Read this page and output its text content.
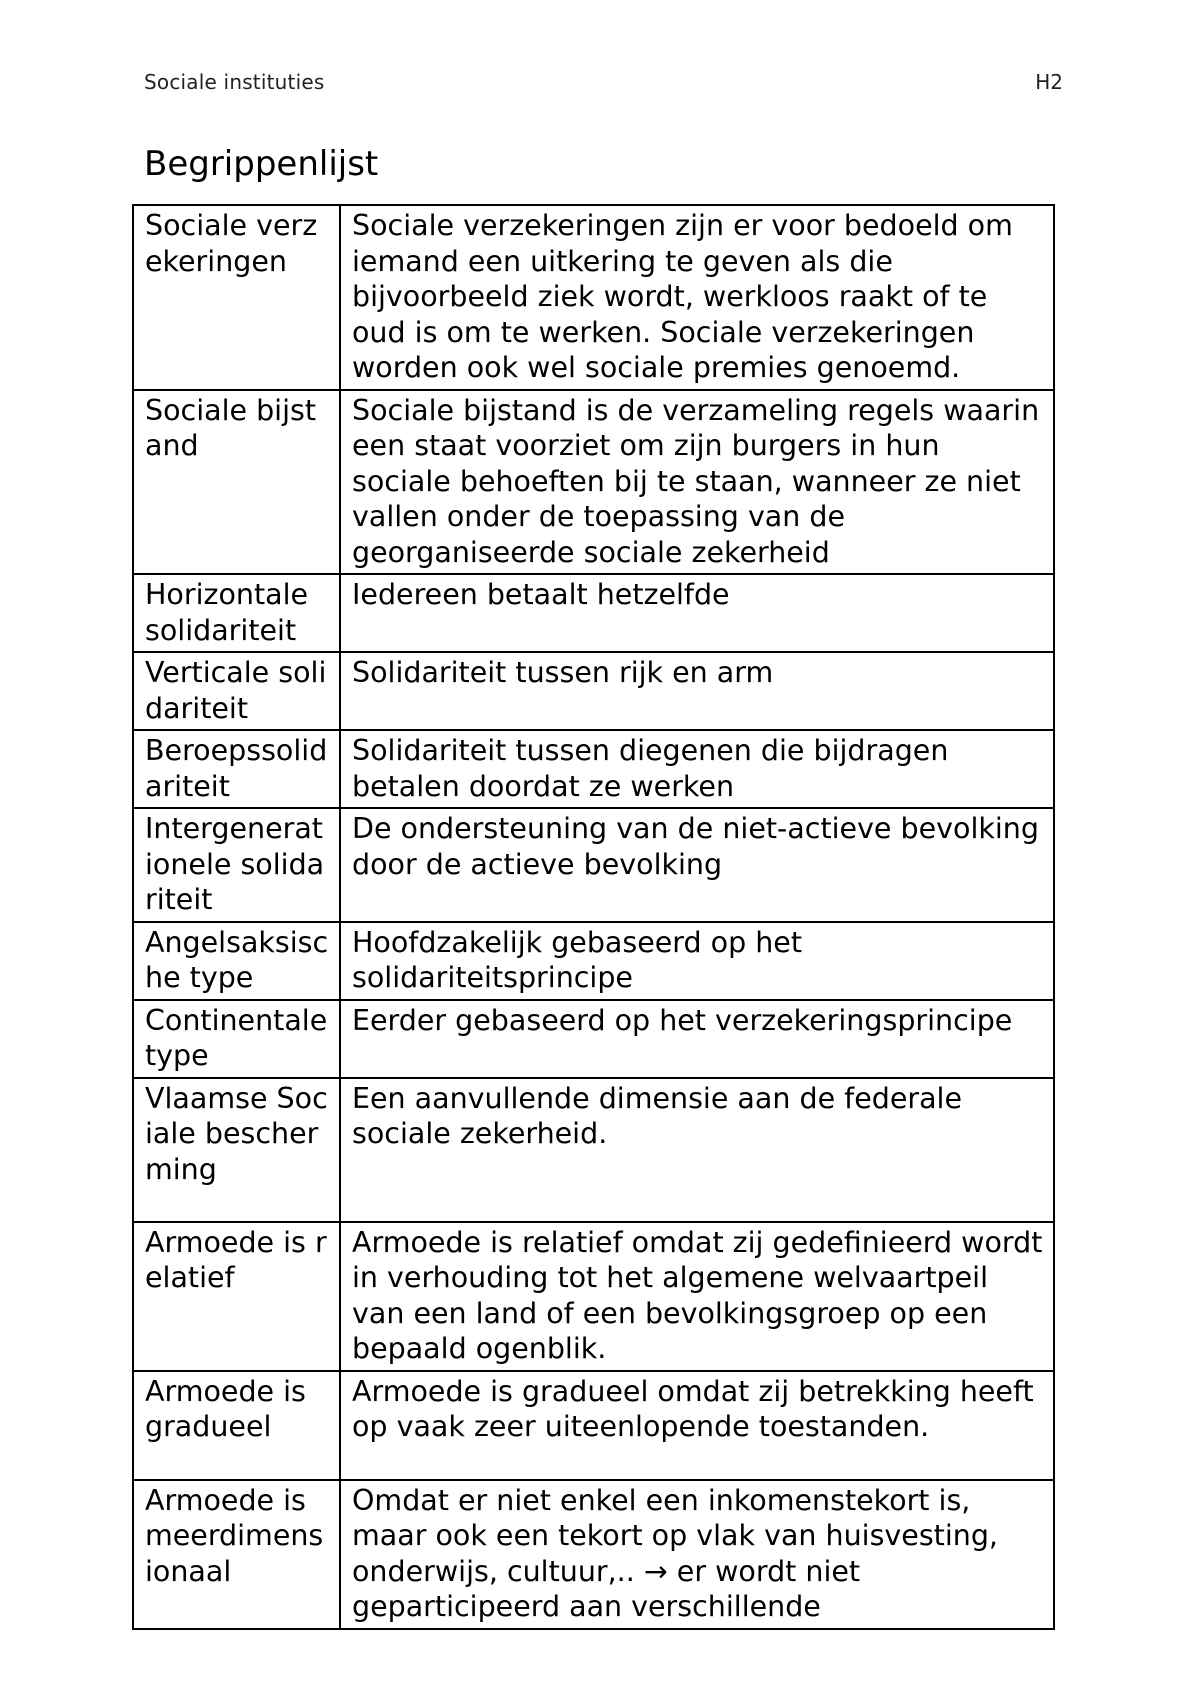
Sociale instituties	H2
Begrippenlijst
Sociale verzekeringen	Sociale verzekeringen zijn er voor bedoeld om iemand een uitkering te geven als die bijvoorbeeld ziek wordt, werkloos raakt of te oud is om te werken. Sociale verzekeringen worden ook wel sociale premies genoemd.
Sociale bijstand	Sociale bijstand is de verzameling regels waarin een staat voorziet om zijn burgers in hun sociale behoeften bij te staan, wanneer ze niet vallen onder de toepassing van de georganiseerde sociale zekerheid
Horizontale solidariteit	Iedereen betaalt hetzelfde
Verticale solidariteit	Solidariteit tussen rijk en arm
Beroepssolidariteit	Solidariteit tussen diegenen die bijdragen betalen doordat ze werken
Intergenerationele solidariteit	De ondersteuning van de niet-actieve bevolking door de actieve bevolking
Angelsaksische type	Hoofdzakelijk gebaseerd op het solidariteitsprincipe
Continentale type	Eerder gebaseerd op het verzekeringsprincipe
Vlaamse Sociale bescherming	Een aanvullende dimensie aan de federale sociale zekerheid.
Armoede is relatief	Armoede is relatief omdat zij gedefinieerd wordt in verhouding tot het algemene welvaartpeil van een land of een bevolkingsgroep op een bepaald ogenblik.
Armoede is gradueel	Armoede is gradueel omdat zij betrekking heeft op vaak zeer uiteenlopende toestanden.
Armoede is meerdimensionaal	Omdat er niet enkel een inkomenstekort is, maar ook een tekort op vlak van huisvesting, onderwijs, cultuur,.. → er wordt niet geparticipeerd aan verschillende
